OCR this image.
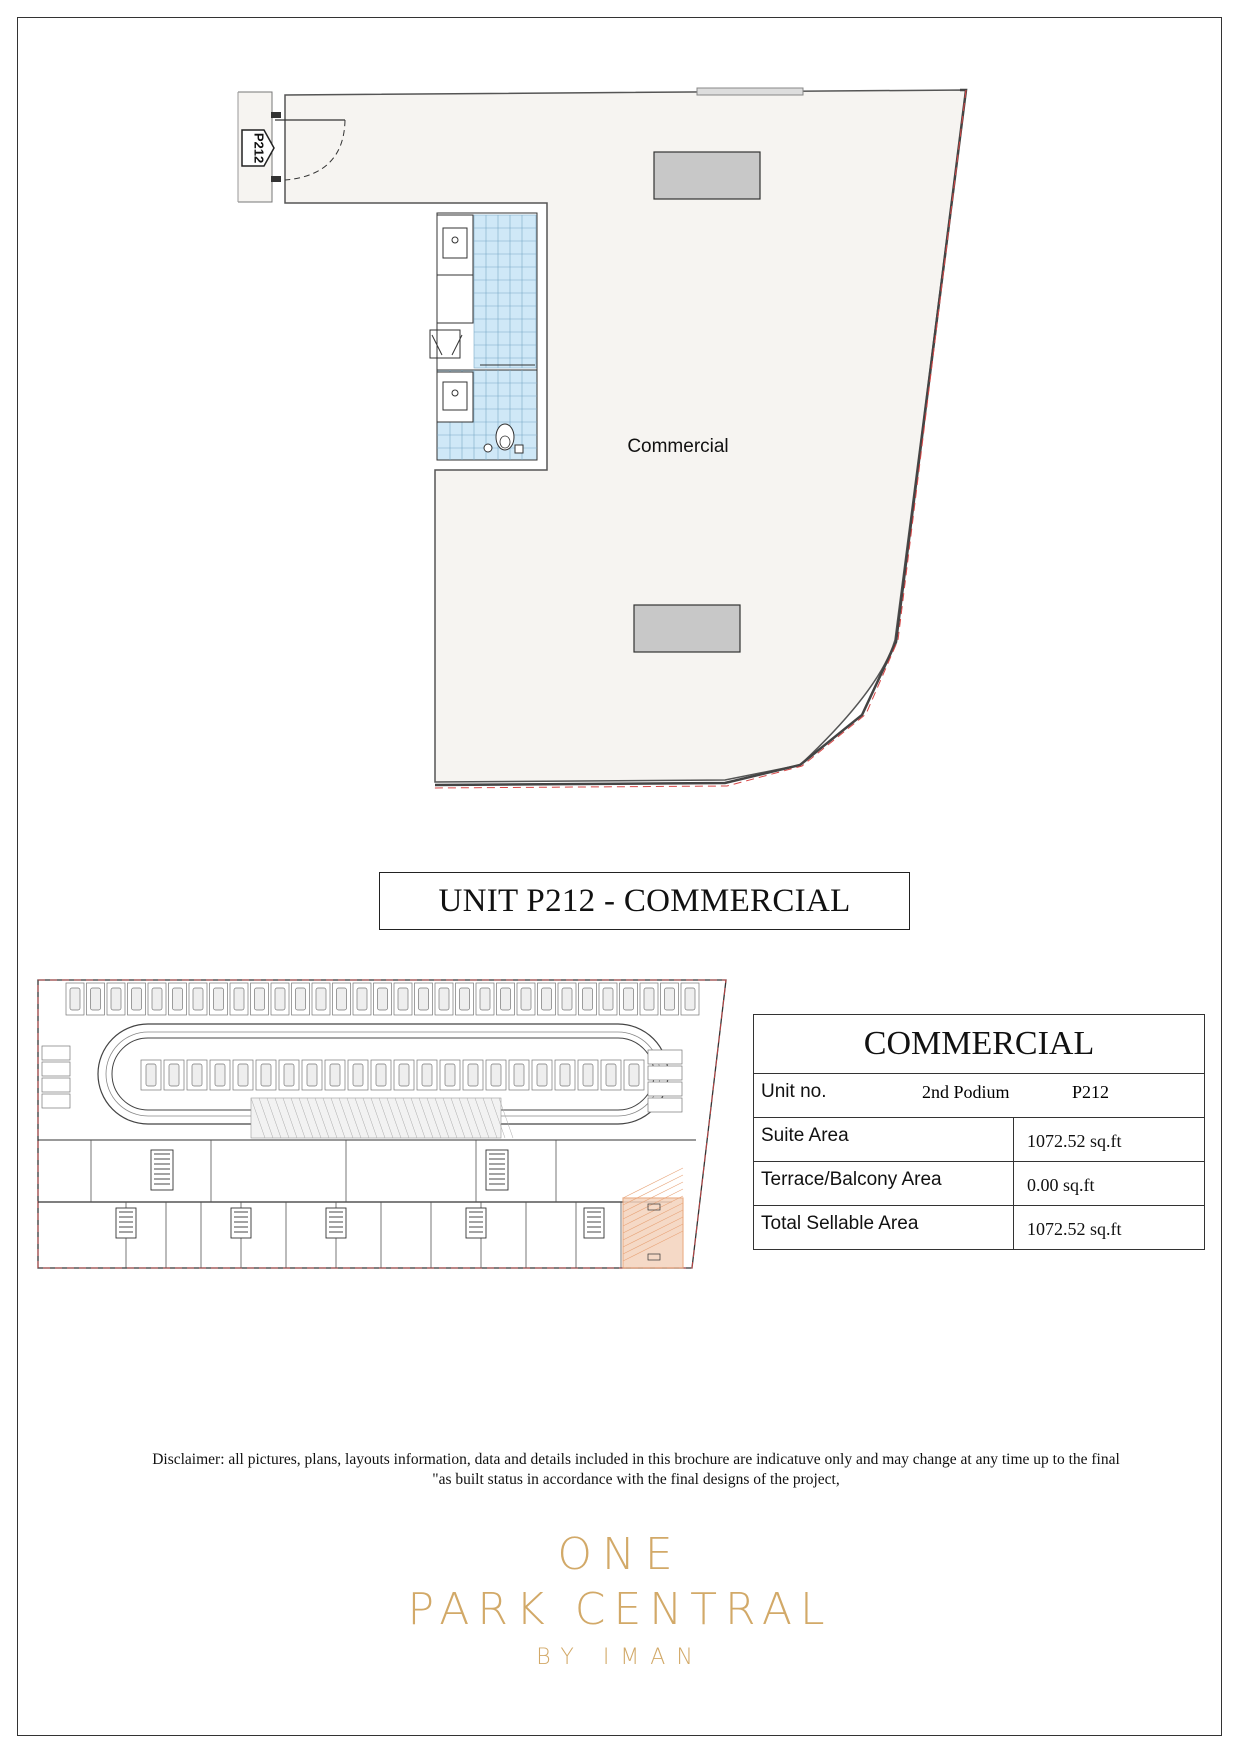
P212
Commercial
UNIT P212 - COMMERCIAL
COMMERCIAL
Unit no.	2nd Podium	P212
Suite Area	1072.52 sq.ft
Terrace/Balcony Area	0.00 sq.ft
Total Sellable Area	1072.52 sq.ft
Disclaimer: all pictures, plans, layouts information, data and details included in this brochure are indicatuve only and may change at any time up to the final
"as built status in accordance with the final designs of the project,
ONE
PARK CENTRAL
BY IMAN
